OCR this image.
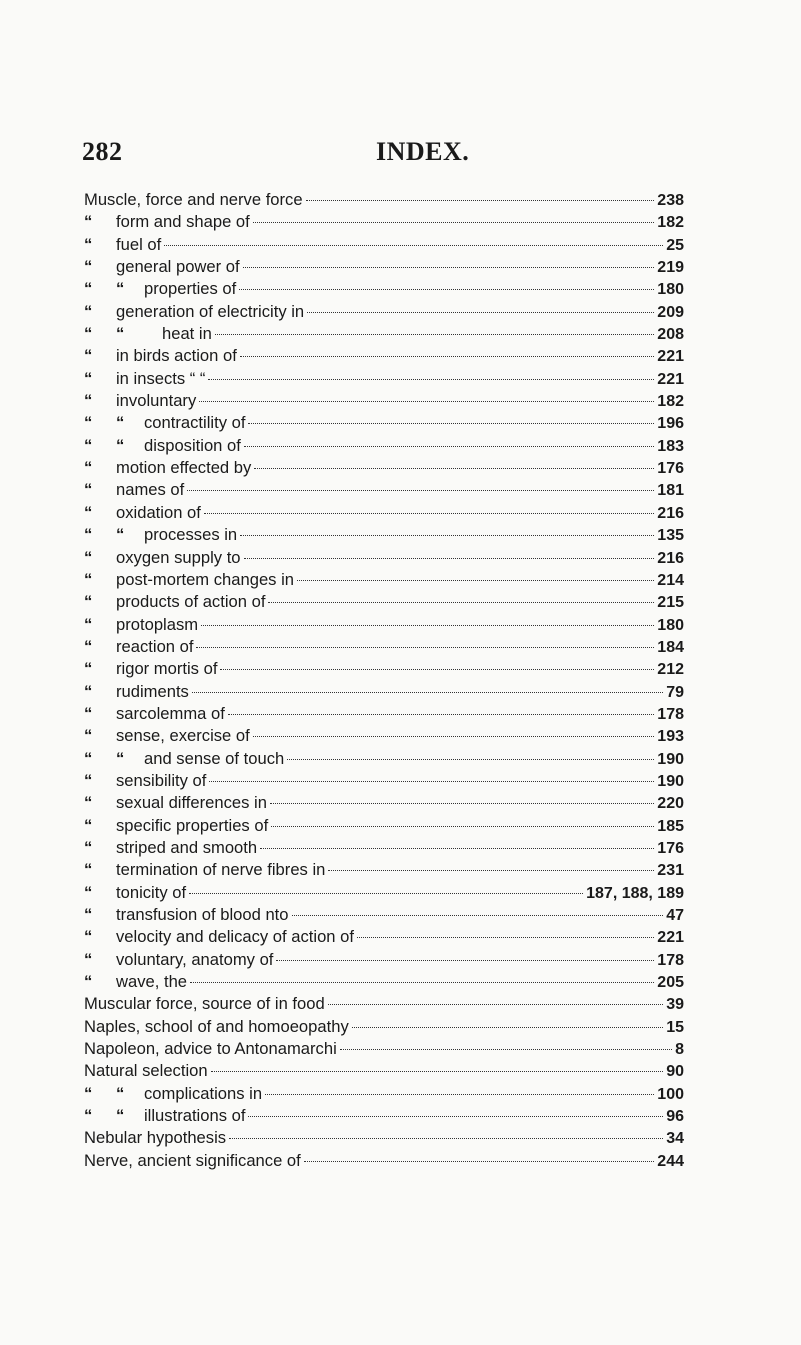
282	INDEX.
Muscle, force and nerve force	238
“	form and shape of	182
“	fuel of	25
“	general power of	219
“	“	properties of	180
“	generation of electricity in	209
“	“	heat in	208
“	in birds action of	221
“	in insects “ “	221
“	involuntary	182
“	“	contractility of	196
“	“	disposition of	183
“	motion effected by	176
“	names of	181
“	oxidation of	216
“	“	processes in	135
“	oxygen supply to	216
“	post-mortem changes in	214
“	products of action of	215
“	protoplasm	180
“	reaction of	184
“	rigor mortis of	212
“	rudiments	79
“	sarcolemma of	178
“	sense, exercise of	193
“	“	and sense of touch	190
“	sensibility of	190
“	sexual differences in	220
“	specific properties of	185
“	striped and smooth	176
“	termination of nerve fibres in	231
“	tonicity of	187, 188, 189
“	transfusion of blood nto	47
“	velocity and delicacy of action of	221
“	voluntary, anatomy of	178
“	wave, the	205
Muscular force, source of in food	39
Naples, school of and homoeopathy	15
Napoleon, advice to Antonamarchi	8
Natural selection	90
“	“	complications in	100
“	“	illustrations of	96
Nebular hypothesis	34
Nerve, ancient significance of	244
